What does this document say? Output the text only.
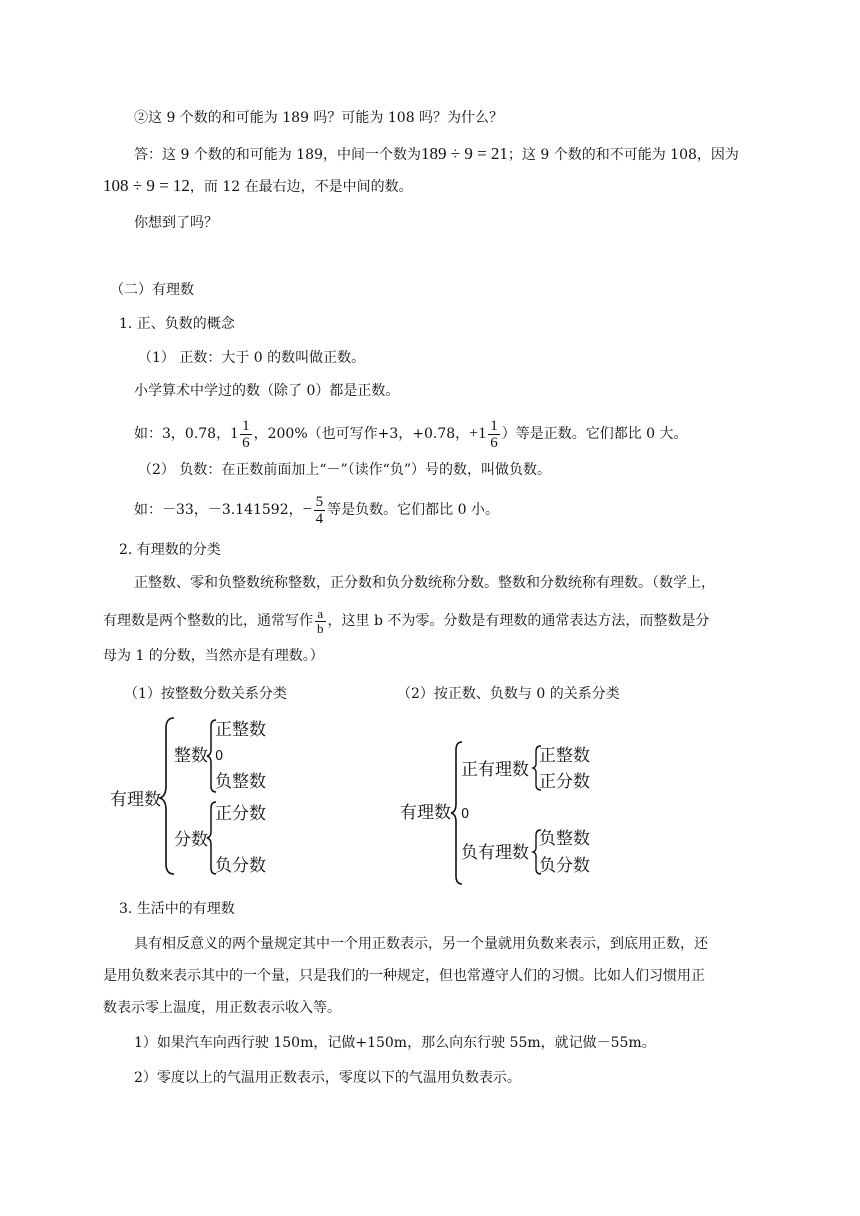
②这 9 个数的和可能为 189 吗？可能为 108 吗？为什么？
答：这 9 个数的和可能为 189，中间一个数为189 ÷ 9 = 21；这 9 个数的和不可能为 108，因为
108 ÷ 9 = 12，而 12 在最右边，不是中间的数。
你想到了吗？
（二）有理数
1. 正、负数的概念
（1） 正数：大于 0 的数叫做正数。
小学算术中学过的数（除了 0）都是正数。
如：3，0.78，$1 \frac{1}{6}$ ，200%（也可写作+3，+0.78，$+1 \frac{1}{6}$ ）等是正数。它们都比 0 大。
（2） 负数：在正数前面加上“－”（读作“负”）号的数，叫做负数。
如：－33，－3.141592，− $\frac{5}{4}$ 等是负数。它们都比 0 小。
2. 有理数的分类
正整数、零和负整数统称整数，正分数和负分数统称分数。整数和分数统称有理数。（数学上，
有理数是两个整数的比，通常写作 $\frac{a}{b}$ ，这里 b 不为零。分数是有理数的通常表达方法，而整数是分
母为 1 的分数，当然亦是有理数。）
（1）按整数分数关系分类	（2）按正数、负数与 0 的关系分类
有理数
整数
正整数
0
负整数
分数
正分数
负分数
有理数
正有理数
正整数
正分数
0
负有理数
负整数
负分数
3. 生活中的有理数
具有相反意义的两个量规定其中一个用正数表示，另一个量就用负数来表示，到底用正数，还
是用负数来表示其中的一个量，只是我们的一种规定，但也常遵守人们的习惯。比如人们习惯用正
数表示零上温度，用正数表示收入等。
1）如果汽车向西行驶 150m，记做+150m，那么向东行驶 55m，就记做－55m。
2）零度以上的气温用正数表示，零度以下的气温用负数表示。
